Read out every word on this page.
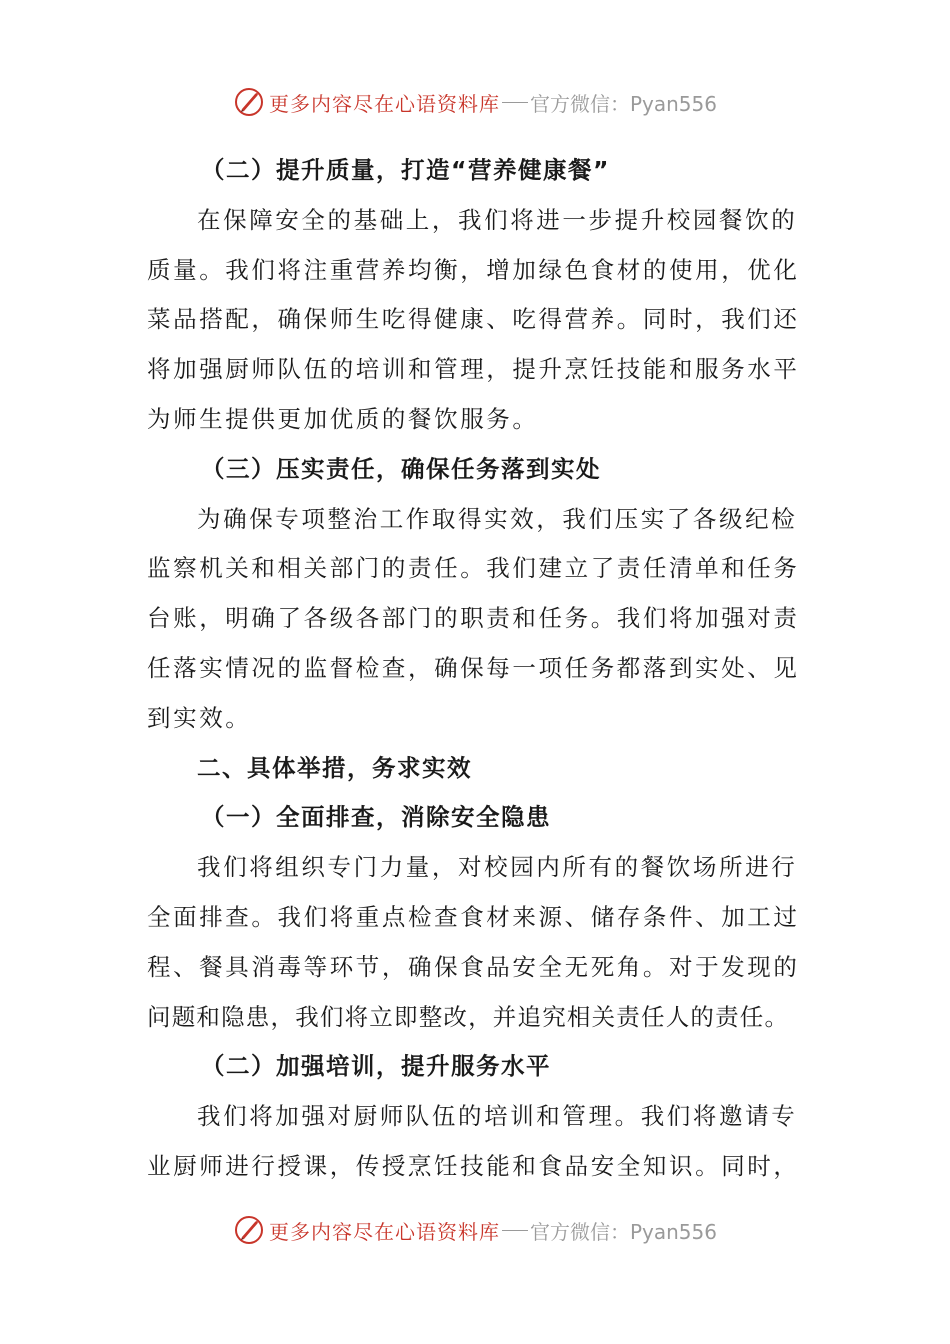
更多内容尽在心语资料库 官方微信：Pyan556
（二）提升质量，打造“营养健康餐”
在保障安全的基础上，我们将进一步提升校园餐饮的
质量。我们将注重营养均衡，增加绿色食材的使用，优化
菜品搭配，确保师生吃得健康、吃得营养。同时，我们还
将加强厨师队伍的培训和管理，提升烹饪技能和服务水平
为师生提供更加优质的餐饮服务。
（三）压实责任，确保任务落到实处
为确保专项整治工作取得实效，我们压实了各级纪检
监察机关和相关部门的责任。我们建立了责任清单和任务
台账，明确了各级各部门的职责和任务。我们将加强对责
任落实情况的监督检查，确保每一项任务都落到实处、见
到实效。
二、具体举措，务求实效
（一）全面排查，消除安全隐患
我们将组织专门力量，对校园内所有的餐饮场所进行
全面排查。我们将重点检查食材来源、储存条件、加工过
程、餐具消毒等环节，确保食品安全无死角。对于发现的
问题和隐患，我们将立即整改，并追究相关责任人的责任。
（二）加强培训，提升服务水平
我们将加强对厨师队伍的培训和管理。我们将邀请专
业厨师进行授课，传授烹饪技能和食品安全知识。同时，
更多内容尽在心语资料库 官方微信：Pyan556
